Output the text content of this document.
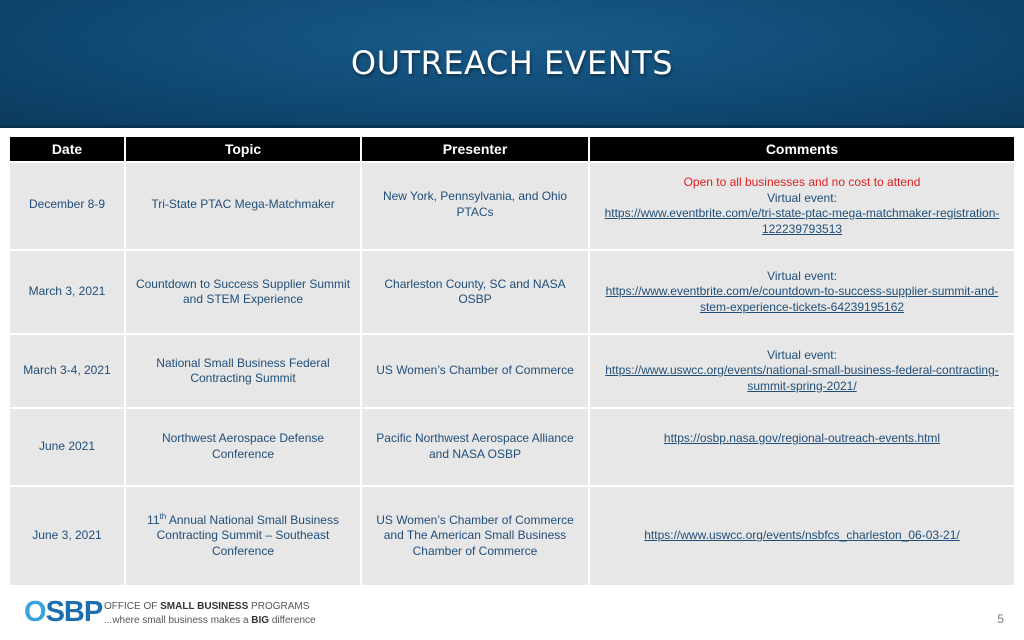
OUTREACH EVENTS
Date	Topic	Presenter	Comments
December 8-9	Tri-State PTAC Mega-Matchmaker	New York, Pennsylvania, and Ohio PTACs	Open to all businesses and no cost to attend
Virtual event:
https://www.eventbrite.com/e/tri-state-ptac-mega-matchmaker-registration-122239793513

March 3, 2021	Countdown to Success Supplier Summit and STEM Experience	Charleston County, SC and NASA OSBP	Virtual event:
https://www.eventbrite.com/e/countdown-to-success-supplier-summit-and-stem-experience-tickets-64239195162

March 3-4, 2021	National Small Business Federal Contracting Summit	US Women’s Chamber of Commerce	Virtual event:
https://www.uswcc.org/events/national-small-business-federal-contracting-summit-spring-2021/

June 2021	Northwest Aerospace Defense Conference	Pacific Northwest Aerospace Alliance and NASA OSBP	https://osbp.nasa.gov/regional-outreach-events.html

June 3, 2021	11th Annual National Small Business Contracting Summit – Southeast Conference	US Women’s Chamber of Commerce and The American Small Business Chamber of Commerce	https://www.uswcc.org/events/nsbfcs_charleston_06-03-21/
OSBP OFFICE OF SMALL BUSINESS PROGRAMS
...where small business makes a BIG difference	5
